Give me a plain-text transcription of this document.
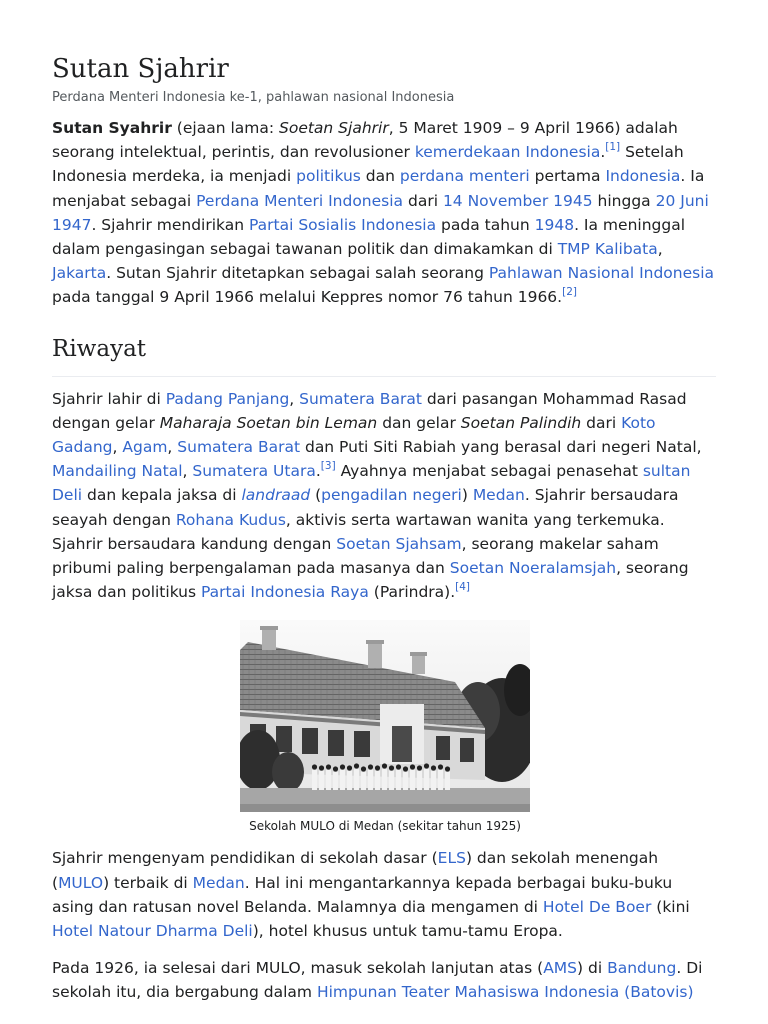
Sutan Sjahrir
Perdana Menteri Indonesia ke-1, pahlawan nasional Indonesia

Sutan Syahrir (ejaan lama: Soetan Sjahrir, 5 Maret 1909 – 9 April 1966) adalah seorang intelektual, perintis, dan revolusioner kemerdekaan Indonesia.[1] Setelah Indonesia merdeka, ia menjadi politikus dan perdana menteri pertama Indonesia. Ia menjabat sebagai Perdana Menteri Indonesia dari 14 November 1945 hingga 20 Juni 1947. Sjahrir mendirikan Partai Sosialis Indonesia pada tahun 1948. Ia meninggal dalam pengasingan sebagai tawanan politik dan dimakamkan di TMP Kalibata, Jakarta. Sutan Sjahrir ditetapkan sebagai salah seorang Pahlawan Nasional Indonesia pada tanggal 9 April 1966 melalui Keppres nomor 76 tahun 1966.[2]

Riwayat

Sjahrir lahir di Padang Panjang, Sumatera Barat dari pasangan Mohammad Rasad dengan gelar Maharaja Soetan bin Leman dan gelar Soetan Palindih dari Koto Gadang, Agam, Sumatera Barat dan Puti Siti Rabiah yang berasal dari negeri Natal, Mandailing Natal, Sumatera Utara.[3] Ayahnya menjabat sebagai penasehat sultan Deli dan kepala jaksa di landraad (pengadilan negeri) Medan. Sjahrir bersaudara seayah dengan Rohana Kudus, aktivis serta wartawan wanita yang terkemuka. Sjahrir bersaudara kandung dengan Soetan Sjahsam, seorang makelar saham pribumi paling berpengalaman pada masanya dan Soetan Noeralamsjah, seorang jaksa dan politikus Partai Indonesia Raya (Parindra).[4]

Sekolah MULO di Medan (sekitar tahun 1925)

Sjahrir mengenyam pendidikan di sekolah dasar (ELS) dan sekolah menengah (MULO) terbaik di Medan. Hal ini mengantarkannya kepada berbagai buku-buku asing dan ratusan novel Belanda. Malamnya dia mengamen di Hotel De Boer (kini Hotel Natour Dharma Deli), hotel khusus untuk tamu-tamu Eropa.

Pada 1926, ia selesai dari MULO, masuk sekolah lanjutan atas (AMS) di Bandung. Di sekolah itu, dia bergabung dalam Himpunan Teater Mahasiswa Indonesia (Batovis)
